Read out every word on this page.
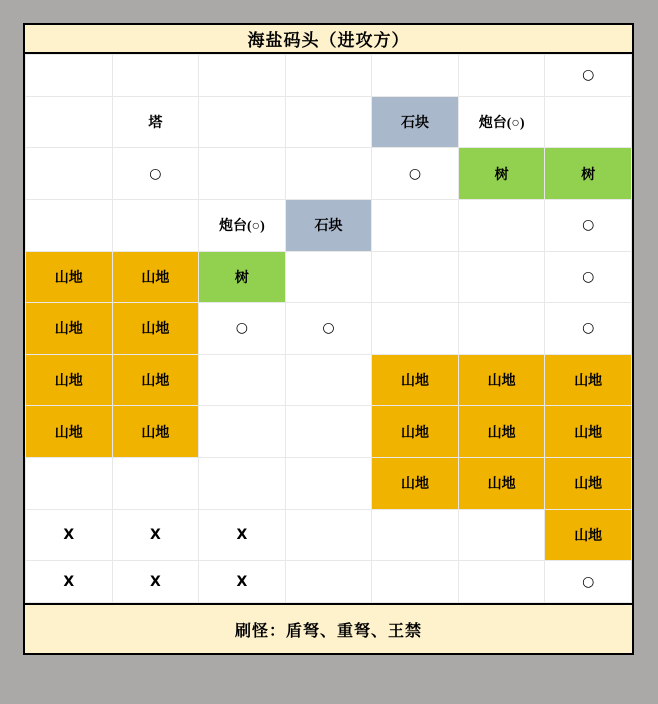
海盐码头（进攻方）
						○
	塔			石块	炮台(○)	
	○			○	树	树
		炮台(○)	石块			○
山地	山地	树				○
山地	山地	○	○			○
山地	山地			山地	山地	山地
山地	山地			山地	山地	山地
				山地	山地	山地
X	X	X				山地
X	X	X				○
刷怪：盾弩、重弩、王禁
